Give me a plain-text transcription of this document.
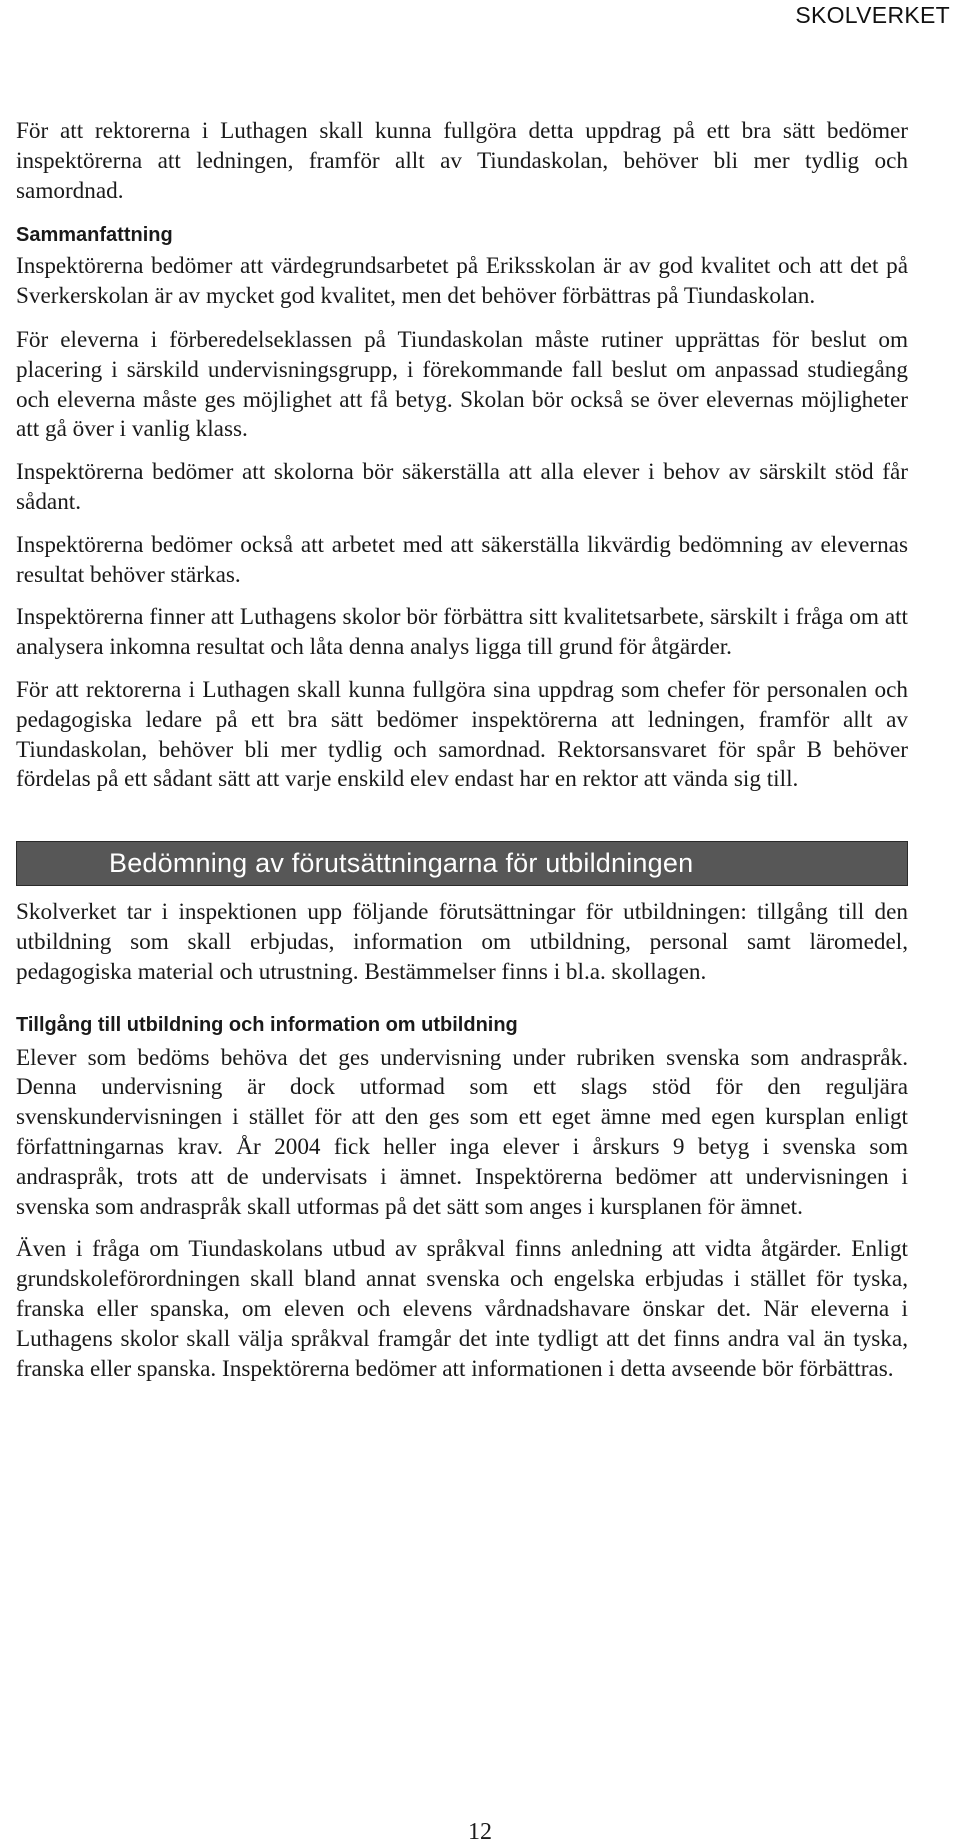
SKOLVERKET

För att rektorerna i Luthagen skall kunna fullgöra detta uppdrag på ett bra sätt bedömer inspektörerna att ledningen, framför allt av Tiundaskolan, behöver bli mer tydlig och samordnad.

Sammanfattning

Inspektörerna bedömer att värdegrundsarbetet på Eriksskolan är av god kvalitet och att det på Sverkerskolan är av mycket god kvalitet, men det behöver förbättras på Tiundaskolan.

För eleverna i förberedelseklassen på Tiundaskolan måste rutiner upprättas för beslut om placering i särskild undervisningsgrupp, i förekommande fall beslut om anpassad studiegång och eleverna måste ges möjlighet att få betyg. Skolan bör också se över elevernas möjligheter att gå över i vanlig klass.

Inspektörerna bedömer att skolorna bör säkerställa att alla elever i behov av särskilt stöd får sådant.

Inspektörerna bedömer också att arbetet med att säkerställa likvärdig bedömning av elevernas resultat behöver stärkas.

Inspektörerna finner att Luthagens skolor bör förbättra sitt kvalitetsarbete, särskilt i fråga om att analysera inkomna resultat och låta denna analys ligga till grund för åtgärder.

För att rektorerna i Luthagen skall kunna fullgöra sina uppdrag som chefer för personalen och pedagogiska ledare på ett bra sätt bedömer inspektörerna att ledningen, framför allt av Tiundaskolan, behöver bli mer tydlig och samordnad. Rektorsansvaret för spår B behöver fördelas på ett sådant sätt att varje enskild elev endast har en rektor att vända sig till.

Bedömning av förutsättningarna för utbildningen

Skolverket tar i inspektionen upp följande förutsättningar för utbildningen: tillgång till den utbildning som skall erbjudas, information om utbildning, personal samt läromedel, pedagogiska material och utrustning. Bestämmelser finns i bl.a. skollagen.

Tillgång till utbildning och information om utbildning

Elever som bedöms behöva det ges undervisning under rubriken svenska som andraspråk. Denna undervisning är dock utformad som ett slags stöd för den reguljära svenskundervisningen i stället för att den ges som ett eget ämne med egen kursplan enligt författningarnas krav. År 2004 fick heller inga elever i årskurs 9 betyg i svenska som andraspråk, trots att de undervisats i ämnet. Inspektörerna bedömer att undervisningen i svenska som andraspråk skall utformas på det sätt som anges i kursplanen för ämnet.

Även i fråga om Tiundaskolans utbud av språkval finns anledning att vidta åtgärder. Enligt grundskoleförordningen skall bland annat svenska och engelska erbjudas i stället för tyska, franska eller spanska, om eleven och elevens vårdnadshavare önskar det. När eleverna i Luthagens skolor skall välja språkval framgår det inte tydligt att det finns andra val än tyska, franska eller spanska. Inspektörerna bedömer att informationen i detta avseende bör förbättras.

12
